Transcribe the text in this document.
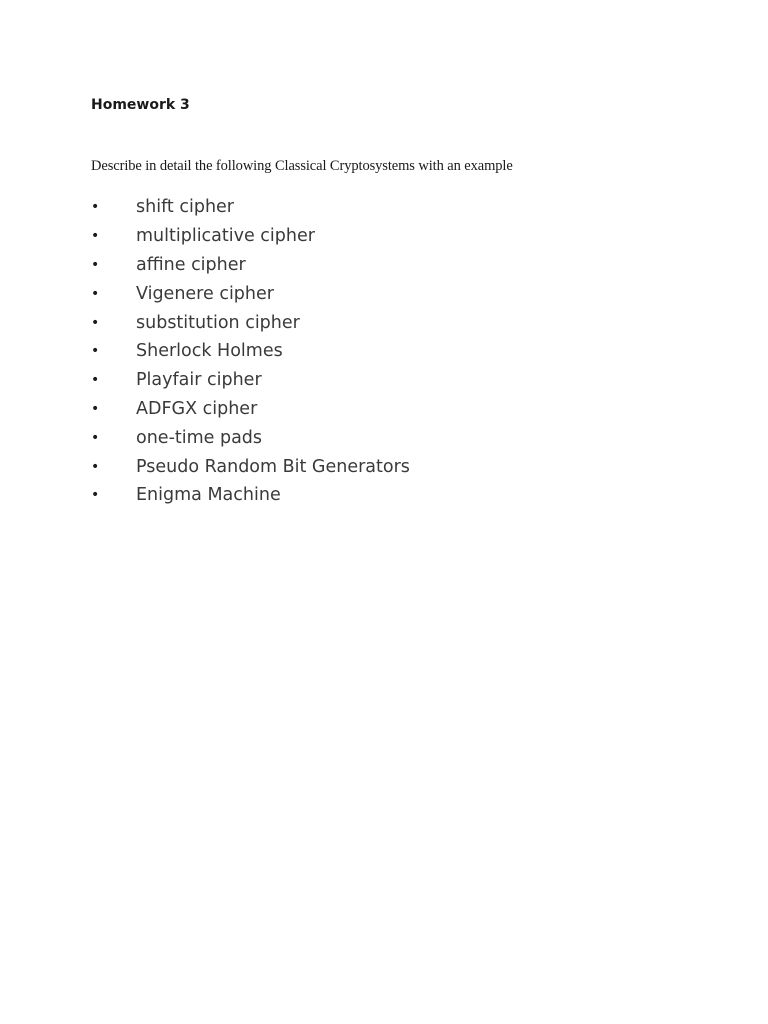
Homework 3

Describe in detail the following Classical Cryptosystems with an example

•	shift cipher
•	multiplicative cipher
•	affine cipher
•	Vigenere cipher
•	substitution cipher
•	Sherlock Holmes
•	Playfair cipher
•	ADFGX cipher
•	one-time pads
•	Pseudo Random Bit Generators
•	Enigma Machine
